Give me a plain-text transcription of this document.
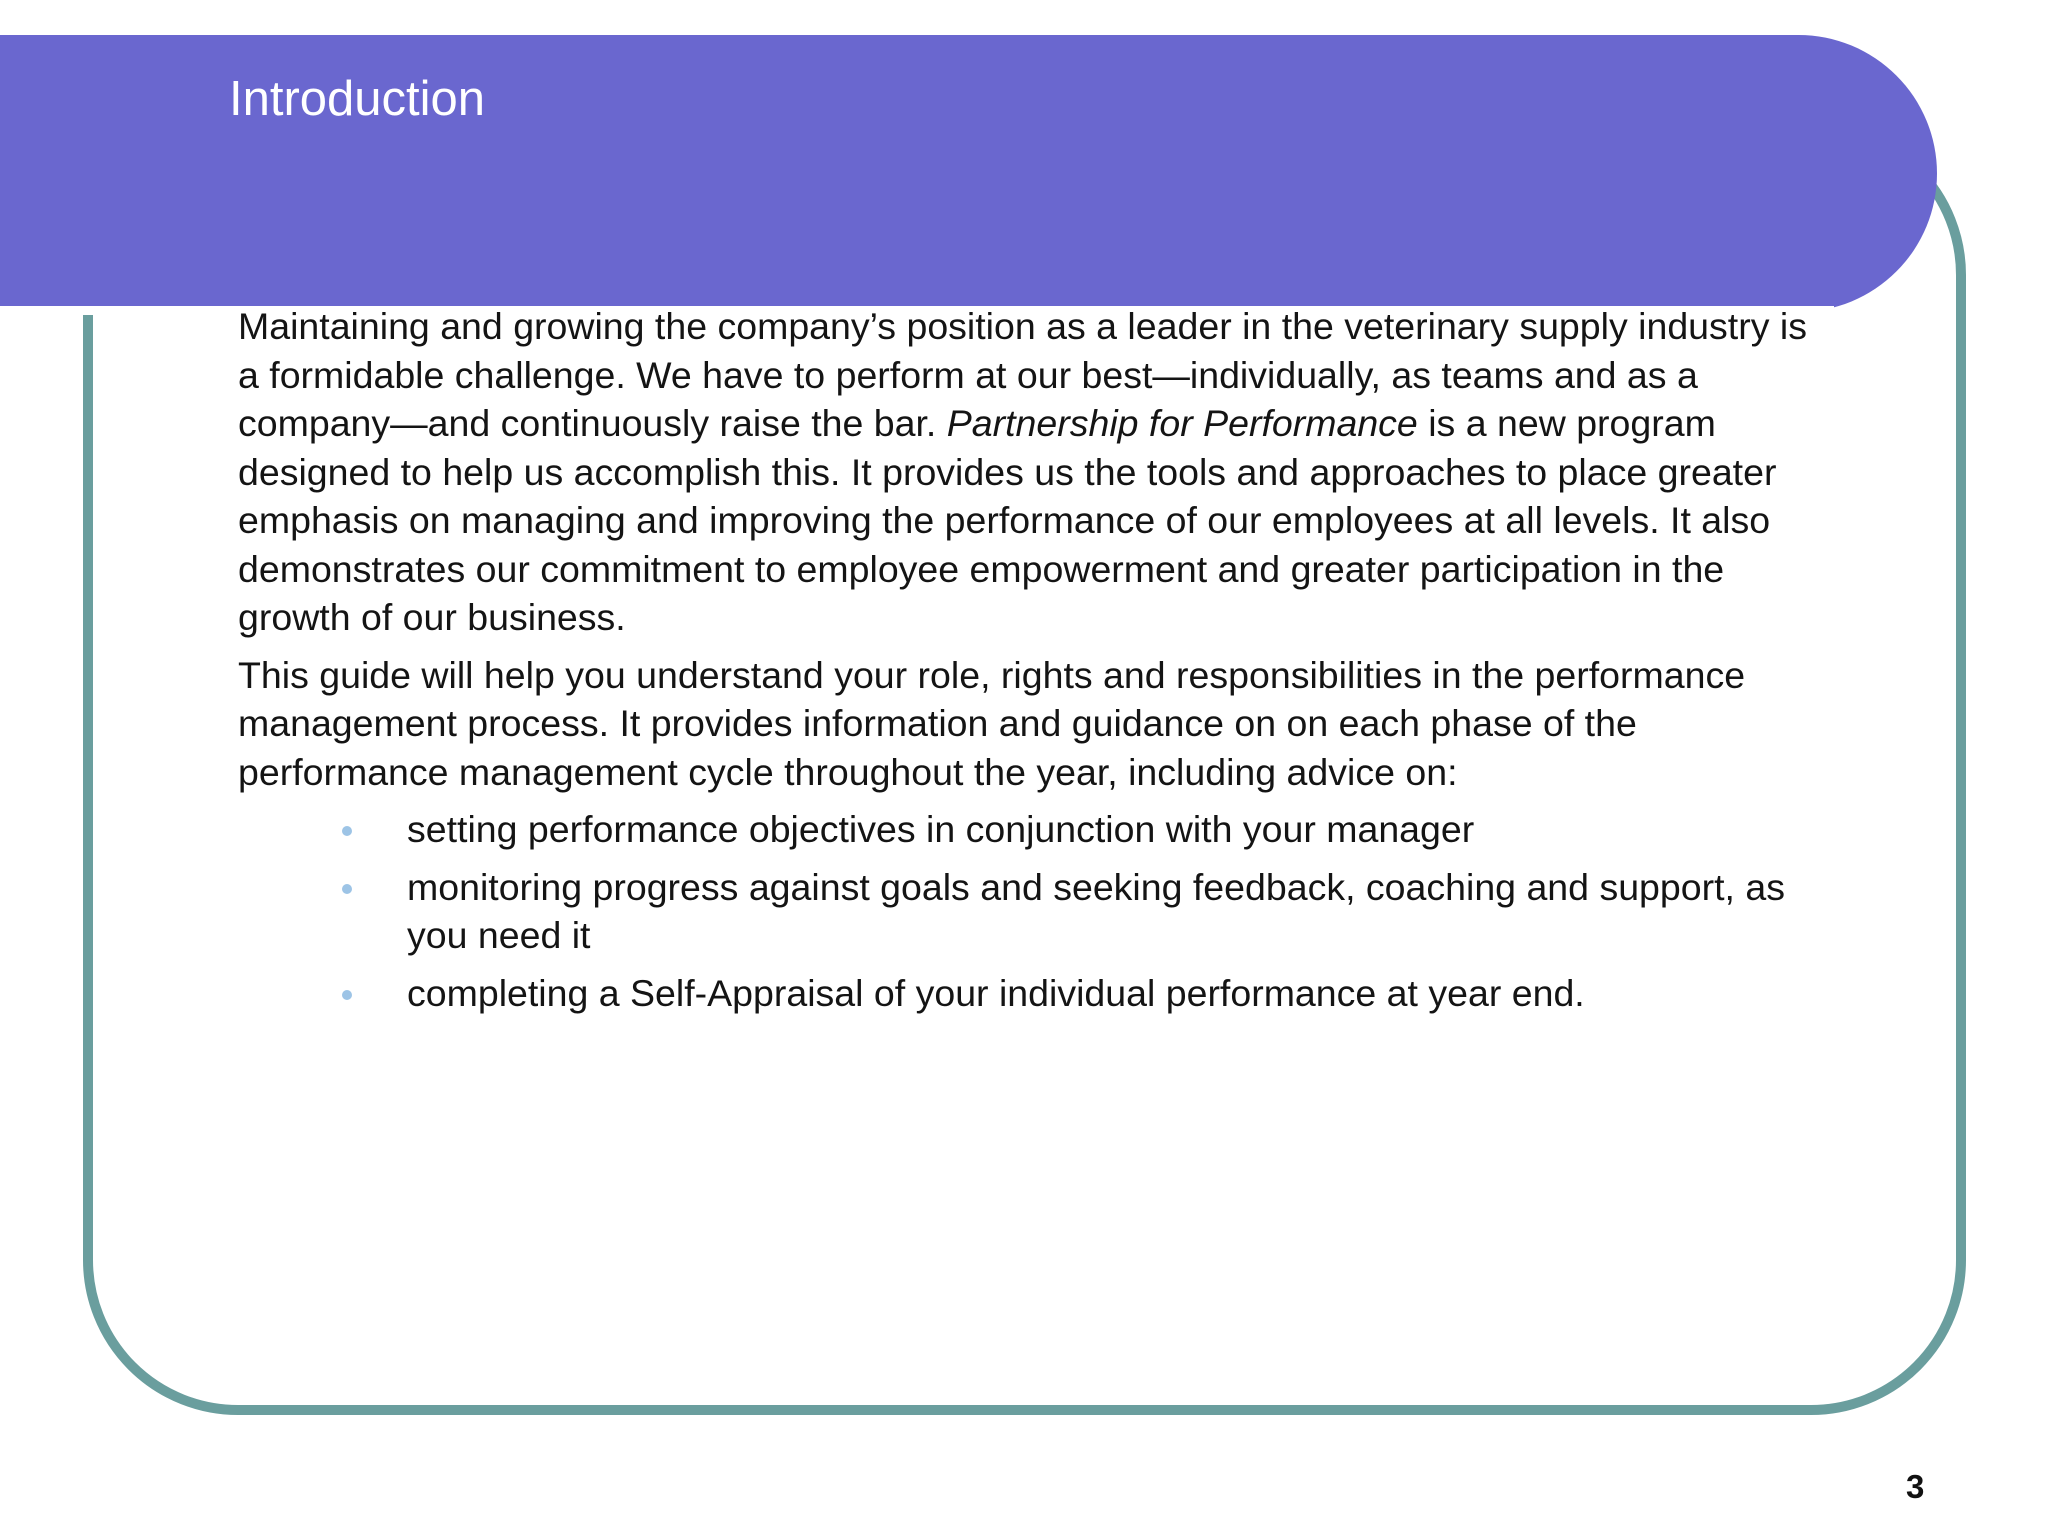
Introduction

Maintaining and growing the company’s position as a leader in the veterinary supply industry is a formidable challenge. We have to perform at our best—individually, as teams and as a company—and continuously raise the bar. Partnership for Performance is a new program designed to help us accomplish this. It provides us the tools and approaches to place greater emphasis on managing and improving the performance of our employees at all levels. It also demonstrates our commitment to employee empowerment and greater participation in the growth of our business.

This guide will help you understand your role, rights and responsibilities in the performance management process. It provides information and guidance on on each phase of the performance management cycle throughout the year, including advice on:

setting performance objectives in conjunction with your manager
monitoring progress against goals and seeking feedback, coaching and support, as you need it
completing a Self-Appraisal of your individual performance at year end.
3
